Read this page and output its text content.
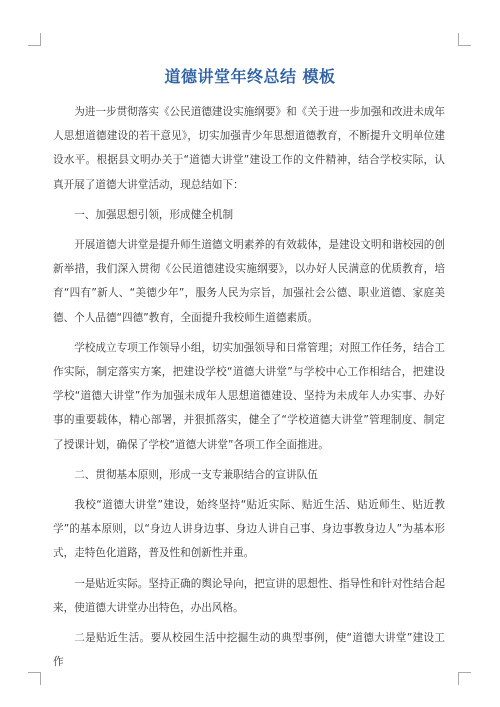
道德讲堂年终总结 模板

为进一步贯彻落实《公民道德建设实施纲要》和《关于进一步加强和改进未成年人思想道德建设的若干意见》，切实加强青少年思想道德教育，不断提升文明单位建设水平。根据县文明办关于“道德大讲堂”建设工作的文件精神，结合学校实际，认真开展了道德大讲堂活动，现总结如下：

一、加强思想引领，形成健全机制

开展道德大讲堂是提升师生道德文明素养的有效载体，是建设文明和谐校园的创新举措，我们深入贯彻《公民道德建设实施纲要》，以办好人民满意的优质教育，培育“四有”新人、“美德少年”，服务人民为宗旨，加强社会公德、职业道德、家庭美德、个人品德“四德”教育，全面提升我校师生道德素质。

学校成立专项工作领导小组，切实加强领导和日常管理；对照工作任务，结合工作实际，制定落实方案，把建设学校“道德大讲堂”与学校中心工作相结合，把建设学校“道德大讲堂”作为加强未成年人思想道德建设、坚持为未成年人办实事、办好事的重要载体，精心部署，并狠抓落实，健全了“学校道德大讲堂”管理制度、制定了授课计划，确保了学校“道德大讲堂”各项工作全面推进。

二、贯彻基本原则，形成一支专兼职结合的宣讲队伍

我校“道德大讲堂”建设，始终坚持“贴近实际、贴近生活、贴近师生、贴近教学”的基本原则，以“身边人讲身边事、身边人讲自己事、身边事教身边人”为基本形式，走特色化道路，普及性和创新性并重。

一是贴近实际。坚持正确的舆论导向，把宣讲的思想性、指导性和针对性结合起来，使道德大讲堂办出特色，办出风格。

二是贴近生活。要从校园生活中挖掘生动的典型事例，使“道德大讲堂”建设工作
